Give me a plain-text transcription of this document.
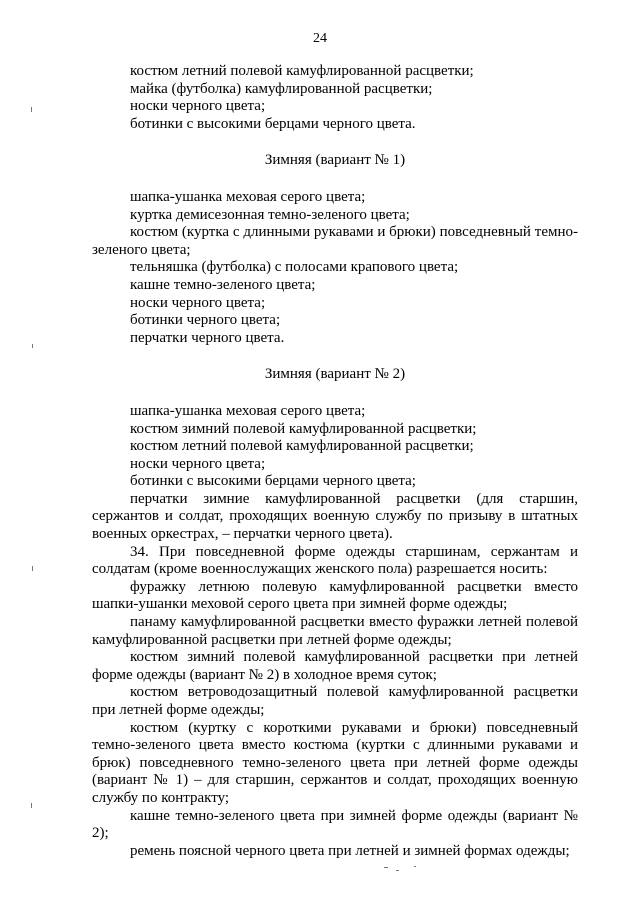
24

костюм летний полевой камуфлированной расцветки;

майка (футболка) камуфлированной расцветки;

носки черного цвета;

ботинки с высокими берцами черного цвета.

Зимняя (вариант № 1)

шапка-ушанка меховая серого цвета;

куртка демисезонная темно-зеленого цвета;

костюм (куртка с длинными рукавами и брюки) повседневный темно-зеленого цвета;

тельняшка (футболка) с полосами крапового цвета;

кашне темно-зеленого цвета;

носки черного цвета;

ботинки черного цвета;

перчатки черного цвета.

Зимняя (вариант № 2)

шапка-ушанка меховая серого цвета;

костюм зимний полевой камуфлированной расцветки;

костюм летний полевой камуфлированной расцветки;

носки черного цвета;

ботинки с высокими берцами черного цвета;

перчатки зимние камуфлированной расцветки (для старшин, сержантов и солдат, проходящих военную службу по призыву в штатных военных оркестрах, – перчатки черного цвета).

34. При повседневной форме одежды старшинам, сержантам и солдатам (кроме военнослужащих женского пола) разрешается носить:

фуражку летнюю полевую камуфлированной расцветки вместо шапки-ушанки меховой серого цвета при зимней форме одежды;

панаму камуфлированной расцветки вместо фуражки летней полевой камуфлированной расцветки при летней форме одежды;

костюм зимний полевой камуфлированной расцветки при летней форме одежды (вариант № 2) в холодное время суток;

костюм ветроводозащитный полевой камуфлированной расцветки при летней форме одежды;

костюм (куртку с короткими рукавами и брюки) повседневный темно-зеленого цвета вместо костюма (куртки с длинными рукавами и брюк) повседневного темно-зеленого цвета при летней форме одежды (вариант № 1) – для старшин, сержантов и солдат, проходящих военную службу по контракту;

кашне темно-зеленого цвета при зимней форме одежды (вариант № 2);

ремень поясной черного цвета при летней и зимней формах одежды;
